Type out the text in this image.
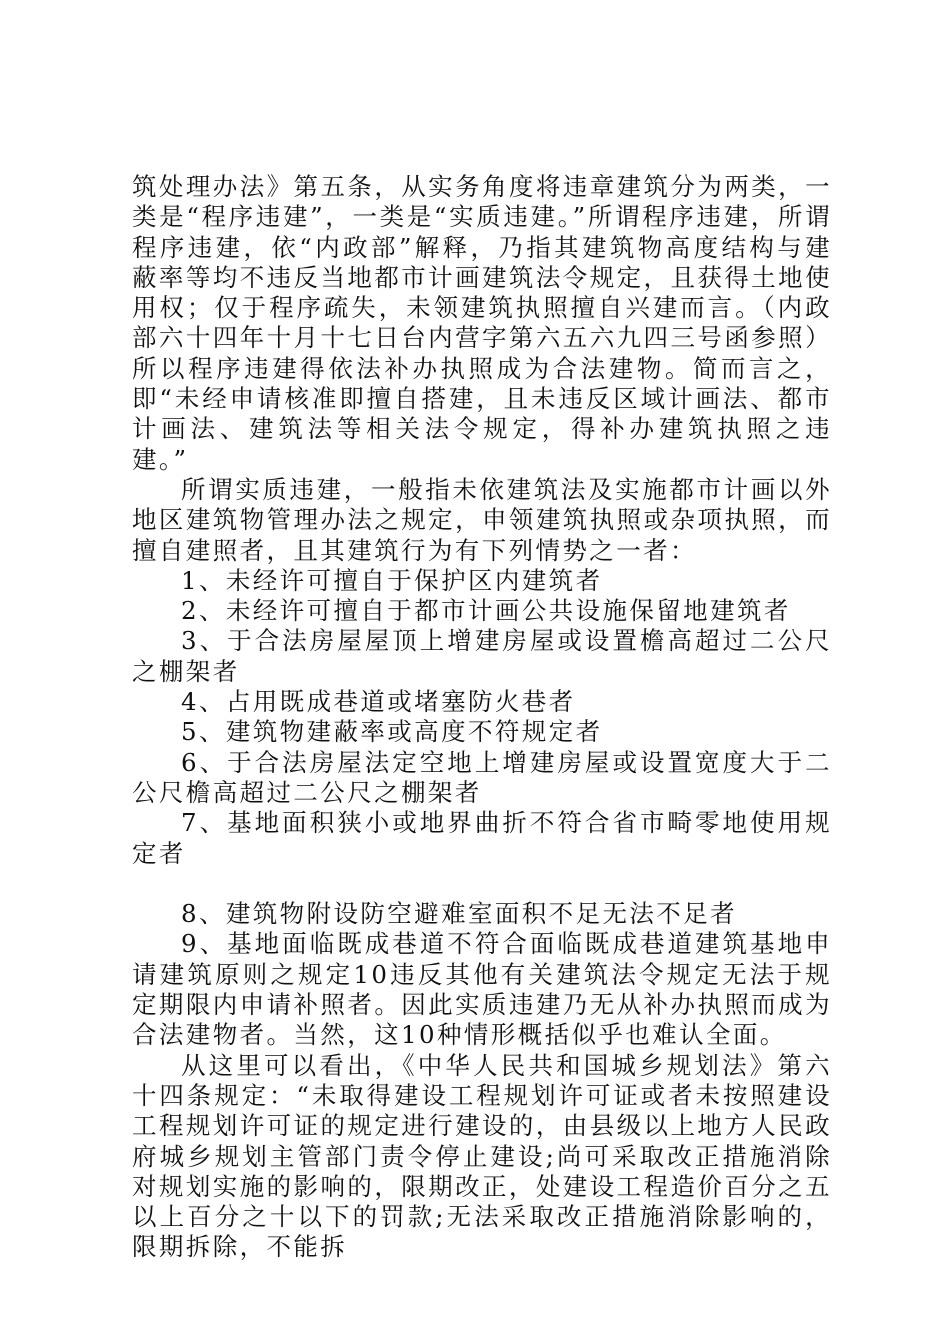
筑处理办法》第五条，从实务角度将违章建筑分为两类，一类是“程序违建”，一类是“实质违建。”所谓程序违建，所谓程序违建，依“内政部”解释，乃指其建筑物高度结构与建蔽率等均不违反当地都市计画建筑法令规定，且获得土地使用权；仅于程序疏失，未领建筑执照擅自兴建而言。（内政部六十四年十月十七日台内营字第六五六九四三号函参照）所以程序违建得依法补办执照成为合法建物。简而言之，即“未经申请核准即擅自搭建，且未违反区域计画法、都市计画法、建筑法等相关法令规定，得补办建筑执照之违建。”

所谓实质违建，一般指未依建筑法及实施都市计画以外地区建筑物管理办法之规定，申领建筑执照或杂项执照，而擅自建照者，且其建筑行为有下列情势之一者：

1、未经许可擅自于保护区内建筑者

2、未经许可擅自于都市计画公共设施保留地建筑者

3、于合法房屋屋顶上增建房屋或设置檐高超过二公尺之棚架者

4、占用既成巷道或堵塞防火巷者

5、建筑物建蔽率或高度不符规定者

6、于合法房屋法定空地上增建房屋或设置宽度大于二公尺檐高超过二公尺之棚架者

7、基地面积狭小或地界曲折不符合省市畸零地使用规定者

8、建筑物附设防空避难室面积不足无法不足者

9、基地面临既成巷道不符合面临既成巷道建筑基地申请建筑原则之规定10违反其他有关建筑法令规定无法于规定期限内申请补照者。因此实质违建乃无从补办执照而成为合法建物者。当然，这10种情形概括似乎也难认全面。

从这里可以看出，《中华人民共和国城乡规划法》第六十四条规定：“未取得建设工程规划许可证或者未按照建设工程规划许可证的规定进行建设的，由县级以上地方人民政府城乡规划主管部门责令停止建设;尚可采取改正措施消除对规划实施的影响的，限期改正，处建设工程造价百分之五以上百分之十以下的罚款;无法采取改正措施消除影响的，限期拆除，不能拆
